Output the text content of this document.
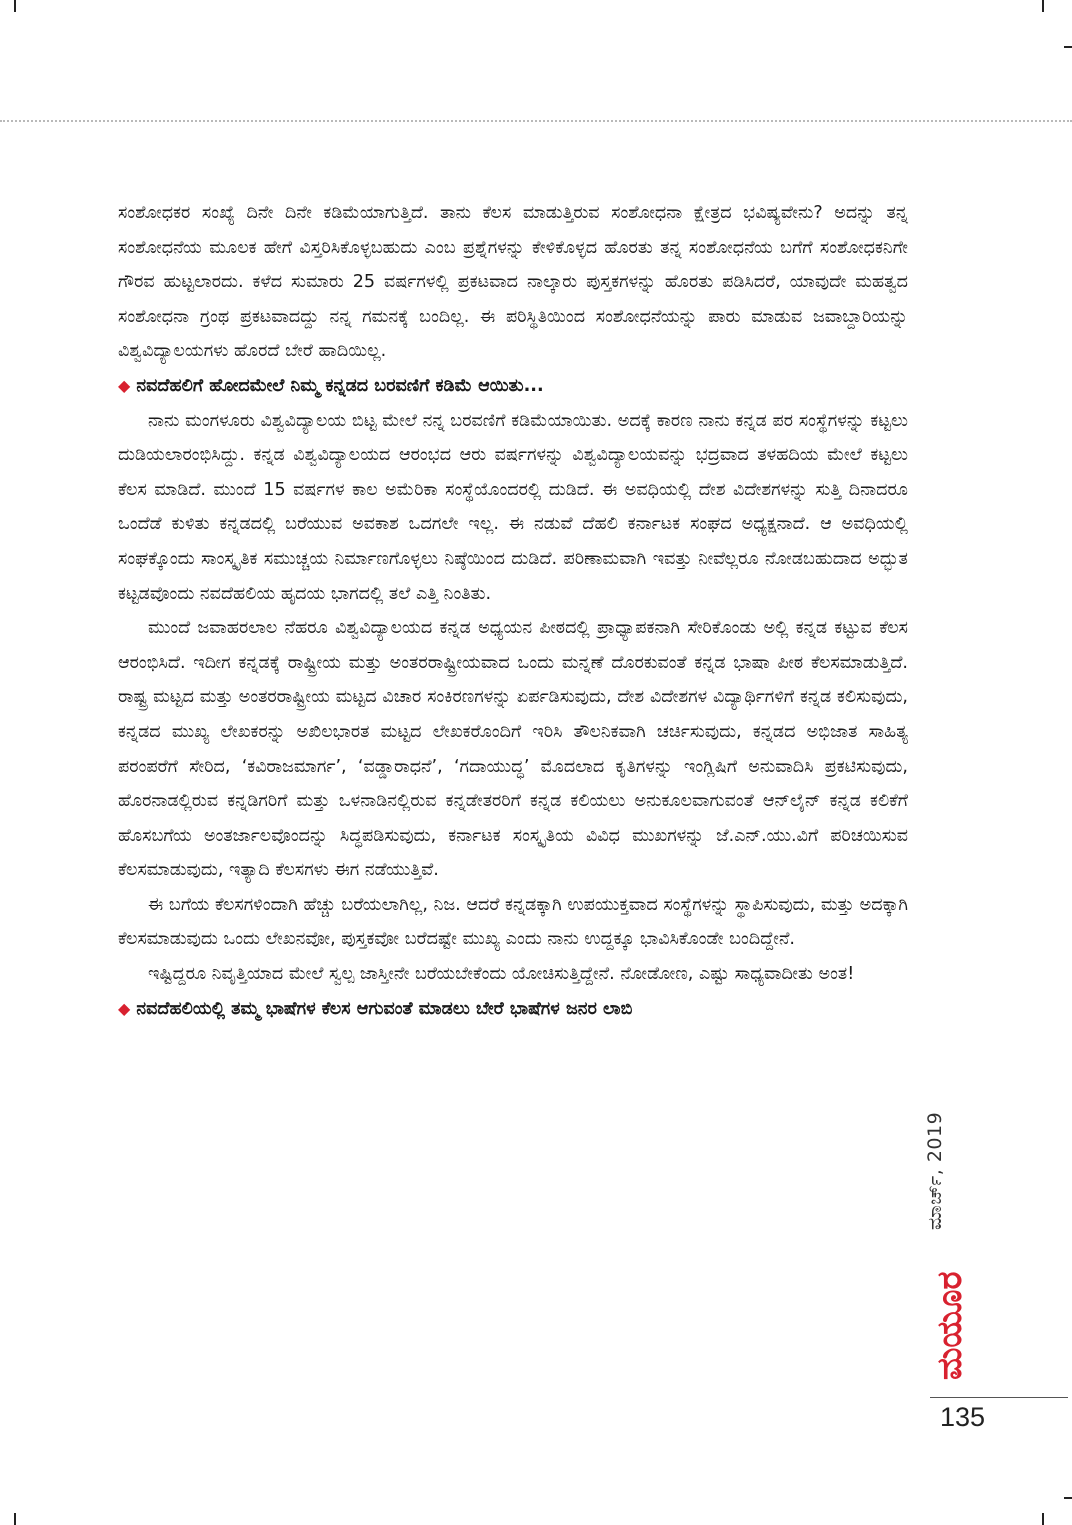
ಸಂಶೋಧಕರ ಸಂಖ್ಯೆ ದಿನೇ ದಿನೇ ಕಡಿಮೆಯಾಗುತ್ತಿದೆ. ತಾನು ಕೆಲಸ ಮಾಡುತ್ತಿರುವ ಸಂಶೋಧನಾ ಕ್ಷೇತ್ರದ ಭವಿಷ್ಯವೇನು? ಅದನ್ನು ತನ್ನ ಸಂಶೋಧನೆಯ ಮೂಲಕ ಹೇಗೆ ವಿಸ್ತರಿಸಿಕೊಳ್ಳಬಹುದು ಎಂಬ ಪ್ರಶ್ನೆಗಳನ್ನು ಕೇಳಿಕೊಳ್ಳದ ಹೊರತು ತನ್ನ ಸಂಶೋಧನೆಯ ಬಗೆಗೆ ಸಂಶೋಧಕನಿಗೇ ಗೌರವ ಹುಟ್ಟಲಾರದು. ಕಳೆದ ಸುಮಾರು 25 ವರ್ಷಗಳಲ್ಲಿ ಪ್ರಕಟವಾದ ನಾಲ್ಕಾರು ಪುಸ್ತಕಗಳನ್ನು ಹೊರತು ಪಡಿಸಿದರೆ, ಯಾವುದೇ ಮಹತ್ವದ ಸಂಶೋಧನಾ ಗ್ರಂಥ ಪ್ರಕಟವಾದದ್ದು ನನ್ನ ಗಮನಕ್ಕೆ ಬಂದಿಲ್ಲ. ಈ ಪರಿಸ್ಥಿತಿಯಿಂದ ಸಂಶೋಧನೆಯನ್ನು ಪಾರು ಮಾಡುವ ಜವಾಬ್ದಾರಿಯನ್ನು ವಿಶ್ವವಿದ್ಯಾಲಯಗಳು ಹೊರದೆ ಬೇರೆ ಹಾದಿಯಿಲ್ಲ.

◆ ನವದೆಹಲಿಗೆ ಹೋದಮೇಲೆ ನಿಮ್ಮ ಕನ್ನಡದ ಬರವಣಿಗೆ ಕಡಿಮೆ ಆಯಿತು...

ನಾನು ಮಂಗಳೂರು ವಿಶ್ವವಿದ್ಯಾಲಯ ಬಿಟ್ಟ ಮೇಲೆ ನನ್ನ ಬರವಣಿಗೆ ಕಡಿಮೆಯಾಯಿತು. ಅದಕ್ಕೆ ಕಾರಣ ನಾನು ಕನ್ನಡ ಪರ ಸಂಸ್ಥೆಗಳನ್ನು ಕಟ್ಟಲು ದುಡಿಯಲಾರಂಭಿಸಿದ್ದು. ಕನ್ನಡ ವಿಶ್ವವಿದ್ಯಾಲಯದ ಆರಂಭದ ಆರು ವರ್ಷಗಳನ್ನು ವಿಶ್ವವಿದ್ಯಾಲಯವನ್ನು ಭದ್ರವಾದ ತಳಹದಿಯ ಮೇಲೆ ಕಟ್ಟಲು ಕೆಲಸ ಮಾಡಿದೆ. ಮುಂದೆ 15 ವರ್ಷಗಳ ಕಾಲ ಅಮೆರಿಕಾ ಸಂಸ್ಥೆಯೊಂದರಲ್ಲಿ ದುಡಿದೆ. ಈ ಅವಧಿಯಲ್ಲಿ ದೇಶ ವಿದೇಶಗಳನ್ನು ಸುತ್ತಿ ದಿನಾದರೂ ಒಂದೆಡೆ ಕುಳಿತು ಕನ್ನಡದಲ್ಲಿ ಬರೆಯುವ ಅವಕಾಶ ಒದಗಲೇ ಇಲ್ಲ. ಈ ನಡುವೆ ದೆಹಲಿ ಕರ್ನಾಟಕ ಸಂಘದ ಅಧ್ಯಕ್ಷನಾದೆ. ಆ ಅವಧಿಯಲ್ಲಿ ಸಂಘಕ್ಕೊಂದು ಸಾಂಸ್ಕೃತಿಕ ಸಮುಚ್ಚಯ ನಿರ್ಮಾಣಗೊಳ್ಳಲು ನಿಷ್ಠೆಯಿಂದ ದುಡಿದೆ. ಪರಿಣಾಮವಾಗಿ ಇವತ್ತು ನೀವೆಲ್ಲರೂ ನೋಡಬಹುದಾದ ಅದ್ಭುತ ಕಟ್ಟಡವೊಂದು ನವದೆಹಲಿಯ ಹೃದಯ ಭಾಗದಲ್ಲಿ ತಲೆ ಎತ್ತಿ ನಿಂತಿತು.

ಮುಂದೆ ಜವಾಹರಲಾಲ ನೆಹರೂ ವಿಶ್ವವಿದ್ಯಾಲಯದ ಕನ್ನಡ ಅಧ್ಯಯನ ಪೀಠದಲ್ಲಿ ಪ್ರಾಧ್ಯಾಪಕನಾಗಿ ಸೇರಿಕೊಂಡು ಅಲ್ಲಿ ಕನ್ನಡ ಕಟ್ಟುವ ಕೆಲಸ ಆರಂಭಿಸಿದೆ. ಇದೀಗ ಕನ್ನಡಕ್ಕೆ ರಾಷ್ಟ್ರೀಯ ಮತ್ತು ಅಂತರರಾಷ್ಟ್ರೀಯವಾದ ಒಂದು ಮನ್ನಣೆ ದೊರಕುವಂತೆ ಕನ್ನಡ ಭಾಷಾ ಪೀಠ ಕೆಲಸಮಾಡುತ್ತಿದೆ. ರಾಷ್ಟ್ರ ಮಟ್ಟದ ಮತ್ತು ಅಂತರರಾಷ್ಟ್ರೀಯ ಮಟ್ಟದ ವಿಚಾರ ಸಂಕಿರಣಗಳನ್ನು ಏರ್ಪಡಿಸುವುದು, ದೇಶ ವಿದೇಶಗಳ ವಿದ್ಯಾರ್ಥಿಗಳಿಗೆ ಕನ್ನಡ ಕಲಿಸುವುದು, ಕನ್ನಡದ ಮುಖ್ಯ ಲೇಖಕರನ್ನು ಅಖಿಲಭಾರತ ಮಟ್ಟದ ಲೇಖಕರೊಂದಿಗೆ ಇರಿಸಿ ತೌಲನಿಕವಾಗಿ ಚರ್ಚಿಸುವುದು, ಕನ್ನಡದ ಅಭಿಜಾತ ಸಾಹಿತ್ಯ ಪರಂಪರೆಗೆ ಸೇರಿದ, ‘ಕವಿರಾಜಮಾರ್ಗ’, ‘ವಡ್ಡಾರಾಧನೆ’, ‘ಗದಾಯುದ್ಧ’ ಮೊದಲಾದ ಕೃತಿಗಳನ್ನು ಇಂಗ್ಲಿಷಿಗೆ ಅನುವಾದಿಸಿ ಪ್ರಕಟಿಸುವುದು, ಹೊರನಾಡಲ್ಲಿರುವ ಕನ್ನಡಿಗರಿಗೆ ಮತ್ತು ಒಳನಾಡಿನಲ್ಲಿರುವ ಕನ್ನಡೇತರರಿಗೆ ಕನ್ನಡ ಕಲಿಯಲು ಅನುಕೂಲವಾಗುವಂತೆ ಆನ್‌ಲೈನ್ ಕನ್ನಡ ಕಲಿಕೆಗೆ ಹೊಸಬಗೆಯ ಅಂತರ್ಜಾಲವೊಂದನ್ನು ಸಿದ್ಧಪಡಿಸುವುದು, ಕರ್ನಾಟಕ ಸಂಸ್ಕೃತಿಯ ವಿವಿಧ ಮುಖಗಳನ್ನು ಜೆ.ಎನ್.ಯು.ವಿಗೆ ಪರಿಚಯಿಸುವ ಕೆಲಸಮಾಡುವುದು, ಇತ್ಯಾದಿ ಕೆಲಸಗಳು ಈಗ ನಡೆಯುತ್ತಿವೆ.

ಈ ಬಗೆಯ ಕೆಲಸಗಳಿಂದಾಗಿ ಹೆಚ್ಚು ಬರೆಯಲಾಗಿಲ್ಲ, ನಿಜ. ಆದರೆ ಕನ್ನಡಕ್ಕಾಗಿ ಉಪಯುಕ್ತವಾದ ಸಂಸ್ಥೆಗಳನ್ನು ಸ್ಥಾಪಿಸುವುದು, ಮತ್ತು ಅದಕ್ಕಾಗಿ ಕೆಲಸಮಾಡುವುದು ಒಂದು ಲೇಖನವೋ, ಪುಸ್ತಕವೋ ಬರೆದಷ್ಟೇ ಮುಖ್ಯ ಎಂದು ನಾನು ಉದ್ದಕ್ಕೂ ಭಾವಿಸಿಕೊಂಡೇ ಬಂದಿದ್ದೇನೆ.

ಇಷ್ಟಿದ್ದರೂ ನಿವೃತ್ತಿಯಾದ ಮೇಲೆ ಸ್ವಲ್ಪ ಜಾಸ್ತೀನೇ ಬರೆಯಬೇಕೆಂದು ಯೋಚಿಸುತ್ತಿದ್ದೇನೆ. ನೋಡೋಣ, ಎಷ್ಟು ಸಾಧ್ಯವಾದೀತು ಅಂತ!

◆ ನವದೆಹಲಿಯಲ್ಲಿ ತಮ್ಮ ಭಾಷೆಗಳ ಕೆಲಸ ಆಗುವಂತೆ ಮಾಡಲು ಬೇರೆ ಭಾಷೆಗಳ ಜನರ ಲಾಬಿ

ಮಾರ್ಚ್, 2019
ಮಯೂರ
135
